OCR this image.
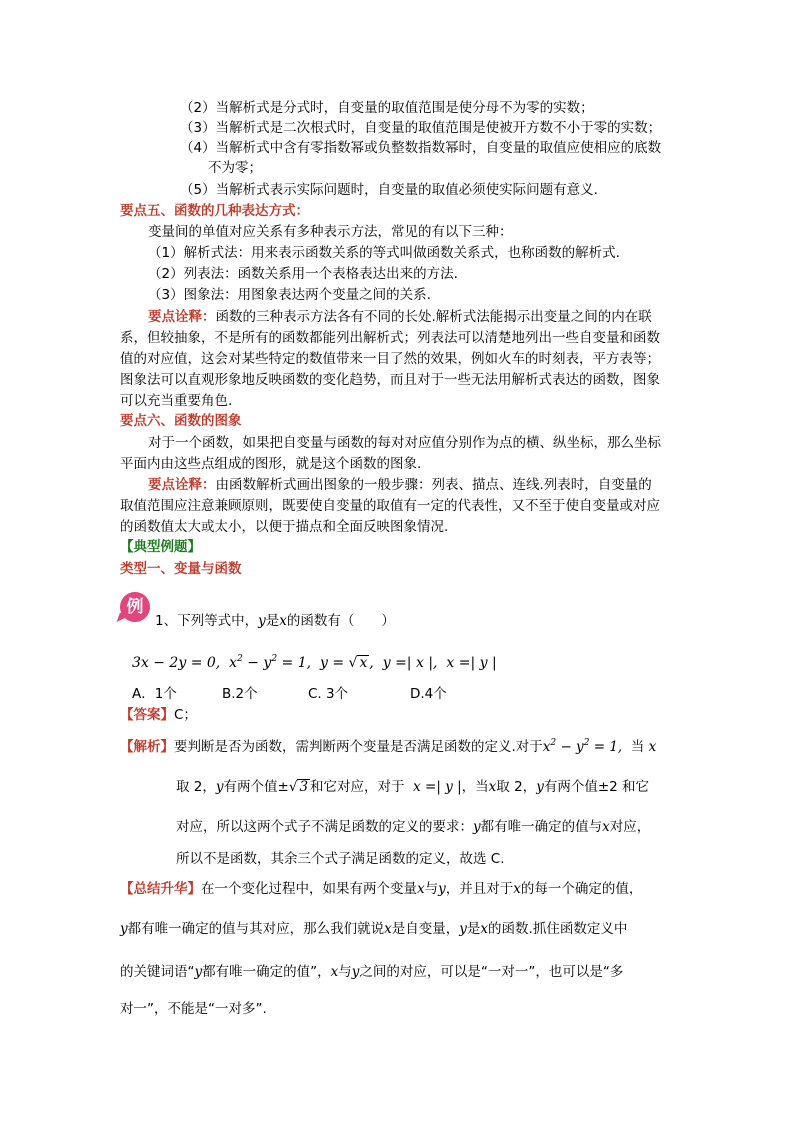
（2）当解析式是分式时，自变量的取值范围是使分母不为零的实数；
（3）当解析式是二次根式时，自变量的取值范围是使被开方数不小于零的实数；
（4）当解析式中含有零指数幂或负整数指数幂时，自变量的取值应使相应的底数
不为零；
（5）当解析式表示实际问题时，自变量的取值必须使实际问题有意义.
要点五、函数的几种表达方式：
变量间的单值对应关系有多种表示方法，常见的有以下三种：
（1）解析式法：用来表示函数关系的等式叫做函数关系式，也称函数的解析式.
（2）列表法：函数关系用一个表格表达出来的方法.
（3）图象法：用图象表达两个变量之间的关系.
要点诠释：函数的三种表示方法各有不同的长处.解析式法能揭示出变量之间的内在联
系，但较抽象，不是所有的函数都能列出解析式；列表法可以清楚地列出一些自变量和函数
值的对应值，这会对某些特定的数值带来一目了然的效果，例如火车的时刻表，平方表等；
图象法可以直观形象地反映函数的变化趋势，而且对于一些无法用解析式表达的函数，图象
可以充当重要角色.
要点六、函数的图象
对于一个函数，如果把自变量与函数的每对对应值分别作为点的横、纵坐标，那么坐标
平面内由这些点组成的图形，就是这个函数的图象.
要点诠释：由函数解析式画出图象的一般步骤：列表、描点、连线.列表时，自变量的
取值范围应注意兼顾原则，既要使自变量的取值有一定的代表性，又不至于使自变量或对应
的函数值太大或太小，以便于描点和全面反映图象情况.
【典型例题】
类型一、变量与函数
例
1、下列等式中，y是x的函数有（　　）
3x − 2y = 0, $x^2 - y^2 = 1$, y = √ x , y =| x |, x =| y |
A．1个	B.2个	C. 3个	D.4个
【答案】C；
【解析】要判断是否为函数，需判断两个变量是否满足函数的定义.对于$x^2 - y^2 = 1$, 当 x
取 2，y有两个值±√ 3 和它对应，对于 x =| y |，当x取 2，y有两个值±2 和它
对应，所以这两个式子不满足函数的定义的要求：y都有唯一确定的值与x对应，
所以不是函数，其余三个式子满足函数的定义，故选 C.
【总结升华】在一个变化过程中，如果有两个变量x与y，并且对于x的每一个确定的值，
y都有唯一确定的值与其对应，那么我们就说x是自变量，y是x的函数.抓住函数定义中
的关键词语“y都有唯一确定的值”，x与y之间的对应，可以是“一对一”，也可以是“多
对一”，不能是“一对多”.
